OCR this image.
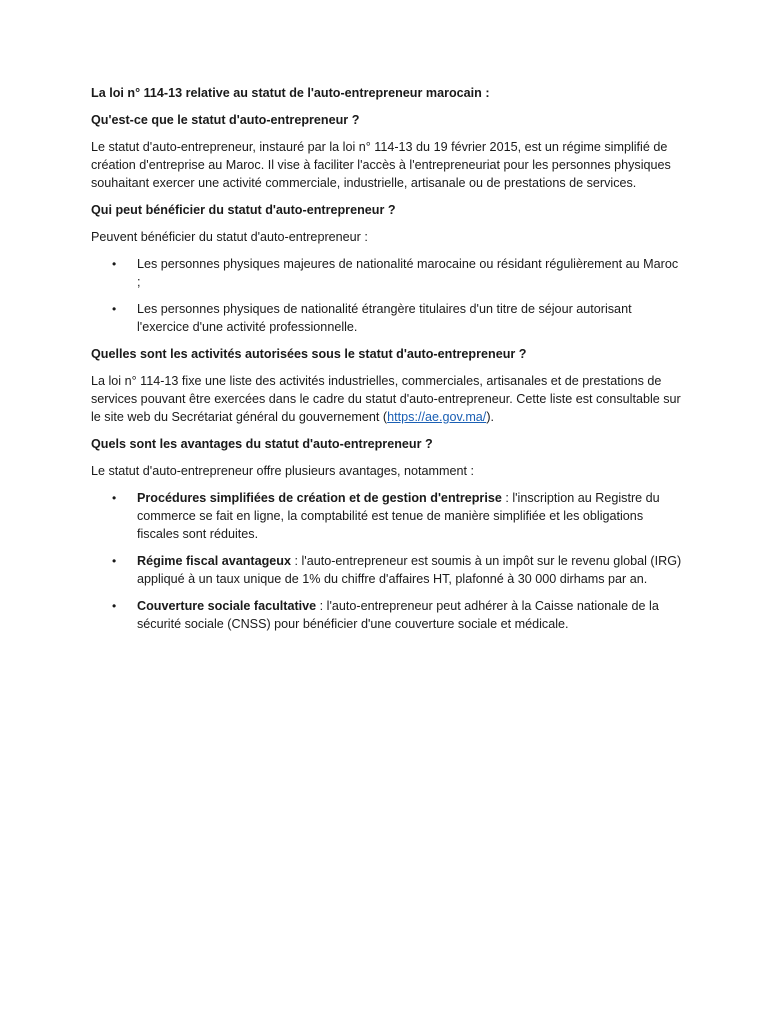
La loi n° 114-13 relative au statut de l'auto-entrepreneur marocain :

Qu'est-ce que le statut d'auto-entrepreneur ?

Le statut d'auto-entrepreneur, instauré par la loi n° 114-13 du 19 février 2015, est un régime simplifié de création d'entreprise au Maroc. Il vise à faciliter l'accès à l'entrepreneuriat pour les personnes physiques souhaitant exercer une activité commerciale, industrielle, artisanale ou de prestations de services.

Qui peut bénéficier du statut d'auto-entrepreneur ?

Peuvent bénéficier du statut d'auto-entrepreneur :

• Les personnes physiques majeures de nationalité marocaine ou résidant régulièrement au Maroc ;
• Les personnes physiques de nationalité étrangère titulaires d'un titre de séjour autorisant l'exercice d'une activité professionnelle.

Quelles sont les activités autorisées sous le statut d'auto-entrepreneur ?

La loi n° 114-13 fixe une liste des activités industrielles, commerciales, artisanales et de prestations de services pouvant être exercées dans le cadre du statut d'auto-entrepreneur. Cette liste est consultable sur le site web du Secrétariat général du gouvernement (https://ae.gov.ma/).

Quels sont les avantages du statut d'auto-entrepreneur ?

Le statut d'auto-entrepreneur offre plusieurs avantages, notamment :

• Procédures simplifiées de création et de gestion d'entreprise : l'inscription au Registre du commerce se fait en ligne, la comptabilité est tenue de manière simplifiée et les obligations fiscales sont réduites.
• Régime fiscal avantageux : l'auto-entrepreneur est soumis à un impôt sur le revenu global (IRG) appliqué à un taux unique de 1% du chiffre d'affaires HT, plafonné à 30 000 dirhams par an.
• Couverture sociale facultative : l'auto-entrepreneur peut adhérer à la Caisse nationale de la sécurité sociale (CNSS) pour bénéficier d'une couverture sociale et médicale.
